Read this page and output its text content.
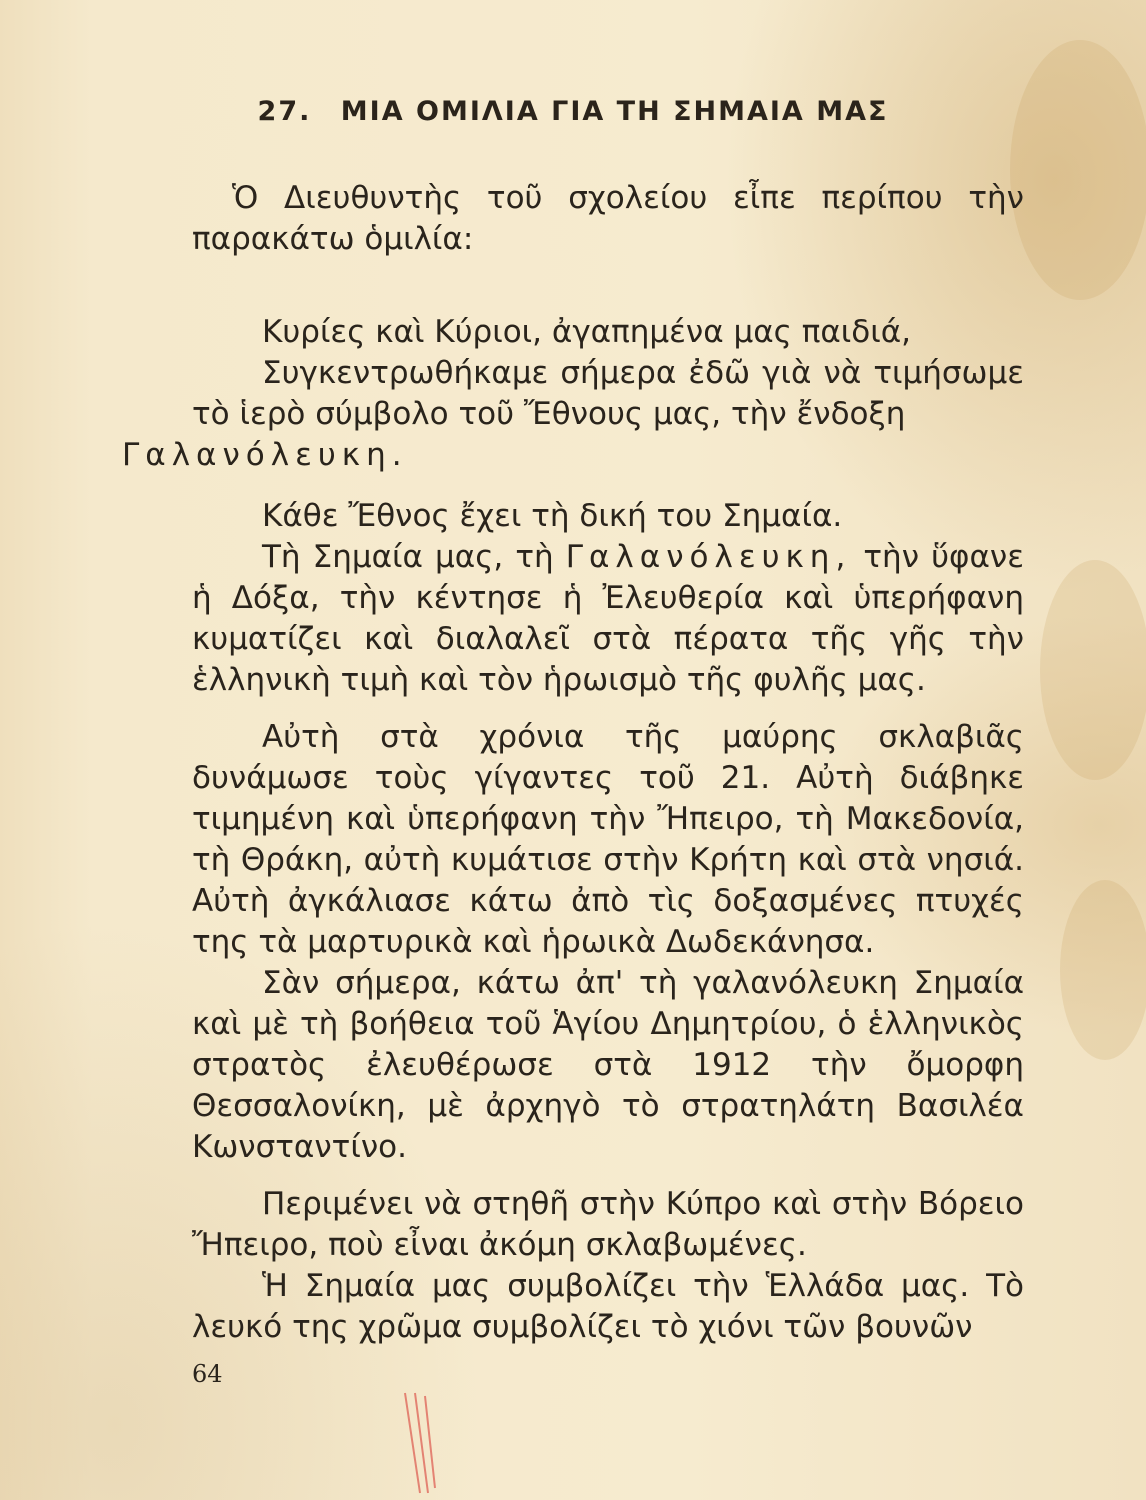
27. ΜΙΑ ΟΜΙΛΙΑ ΓΙΑ ΤΗ ΣΗΜΑΙΑ ΜΑΣ

Ὁ Διευθυντὴς τοῦ σχολείου εἶπε περίπου τὴν παρακάτω ὁμιλία:

Κυρίες καὶ Κύριοι, ἀγαπημένα μας παιδιά,

Συγκεντρωθήκαμε σήμερα ἐδῶ γιὰ νὰ τιμήσωμε τὸ ἱερὸ σύμβολο τοῦ Ἔθνους μας, τὴν ἔνδοξη
Γαλανόλευκη.

Κάθε Ἔθνος ἔχει τὴ δική του Σημαία.

Τὴ Σημαία μας, τὴ Γαλανόλευκη, τὴν ὕφανε ἡ Δόξα, τὴν κέντησε ἡ Ἐλευθερία καὶ ὑπερήφανη κυματίζει καὶ διαλαλεῖ στὰ πέρατα τῆς γῆς τὴν ἑλληνικὴ τιμὴ καὶ τὸν ἡρωισμὸ τῆς φυλῆς μας.

Αὐτὴ στὰ χρόνια τῆς μαύρης σκλαβιᾶς δυνάμωσε τοὺς γίγαντες τοῦ 21. Αὐτὴ διάβηκε τιμημένη καὶ ὑπερήφανη τὴν Ἤπειρο, τὴ Μακεδονία, τὴ Θράκη, αὐτὴ κυμάτισε στὴν Κρήτη καὶ στὰ νησιά. Αὐτὴ ἀγκάλιασε κάτω ἀπὸ τὶς δοξασμένες πτυχές της τὰ μαρτυρικὰ καὶ ἡρωικὰ Δωδεκάνησα.

Σὰν σήμερα, κάτω ἀπ' τὴ γαλανόλευκη Σημαία καὶ μὲ τὴ βοήθεια τοῦ Ἁγίου Δημητρίου, ὁ ἑλληνικὸς στρατὸς ἐλευθέρωσε στὰ 1912 τὴν ὄμορφη Θεσσαλονίκη, μὲ ἀρχηγὸ τὸ στρατηλάτη Βασιλέα Κωνσταντίνο.

Περιμένει νὰ στηθῆ στὴν Κύπρο καὶ στὴν Βόρειο Ἤπειρο, ποὺ εἶναι ἀκόμη σκλαβωμένες.

Ἡ Σημαία μας συμβολίζει τὴν Ἑλλάδα μας. Τὸ λευκό της χρῶμα συμβολίζει τὸ χιόνι τῶν βουνῶν

64
